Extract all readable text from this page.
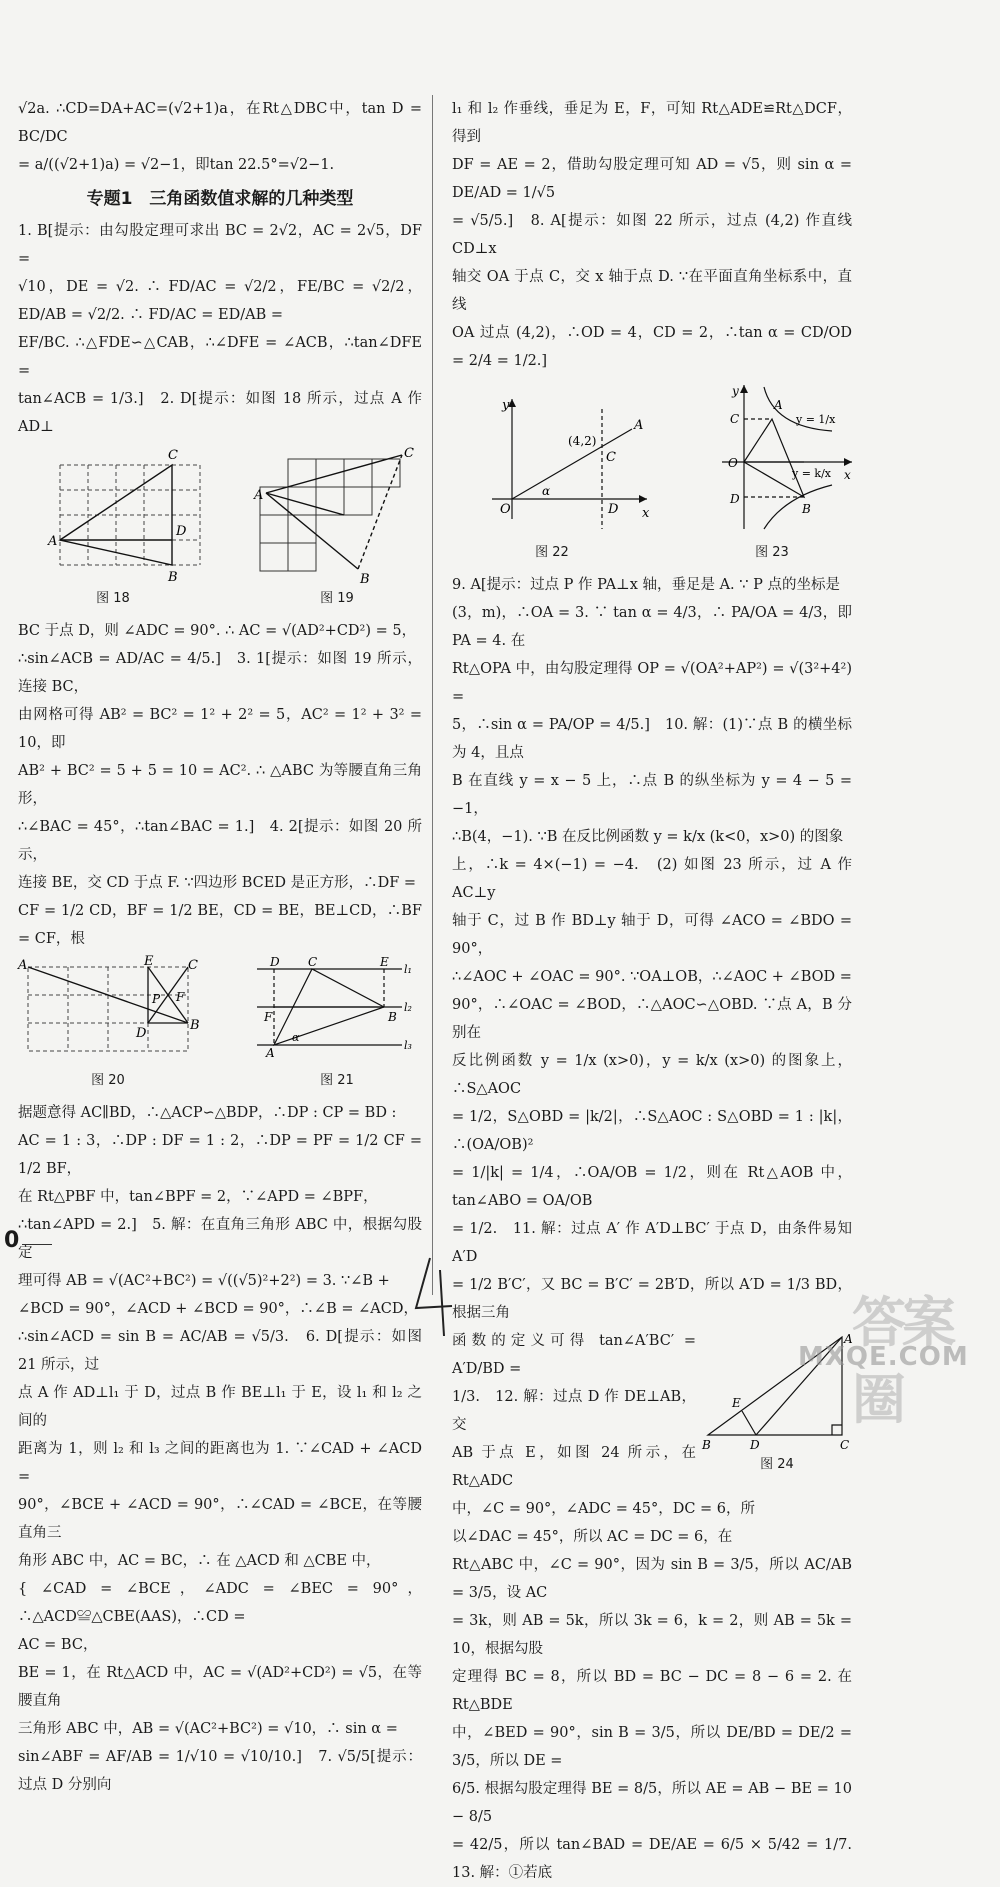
√2a. ∴CD=DA+AC=(√2+1)a，在Rt△DBC中，tan D = BC/DC

= a/((√2+1)a) = √2−1，即tan 22.5°=√2−1.

专题1　三角函数值求解的几种类型

1. B[提示：由勾股定理可求出 BC = 2√2，AC = 2√5，DF =

√10，DE = √2. ∴ FD/AC = √2/2，FE/BC = √2/2，ED/AB = √2/2. ∴ FD/AC = ED/AB =

EF/BC. ∴△FDE∽△CAB，∴∠DFE = ∠ACB，∴tan∠DFE =

tan∠ACB = 1/3.]　2. D[提示：如图 18 所示，过点 A 作 AD⊥

A
C
B
D
图 18
A
C
B
图 19

BC 于点 D，则 ∠ADC = 90°. ∴ AC = √(AD²+CD²) = 5，

∴sin∠ACB = AD/AC = 4/5.]　3. 1[提示：如图 19 所示，连接 BC，

由网格可得 AB² = BC² = 1² + 2² = 5，AC² = 1² + 3² = 10，即

AB² + BC² = 5 + 5 = 10 = AC². ∴ △ABC 为等腰直角三角形，

∴∠BAC = 45°，∴tan∠BAC = 1.]　4. 2[提示：如图 20 所示，

连接 BE，交 CD 于点 F. ∵四边形 BCED 是正方形，∴DF =

CF = 1/2 CD，BF = 1/2 BE，CD = BE，BE⊥CD，∴BF = CF，根

A	E	C
P F
D
B
图 20
D C	E
l₁
F	B
l₂
A
α
l₃
图 21

据题意得 AC∥BD，∴△ACP∽△BDP，∴DP : CP = BD :

AC = 1 : 3，∴DP : DF = 1 : 2，∴DP = PF = 1/2 CF = 1/2 BF，

在 Rt△PBF 中，tan∠BPF = 2，∵∠APD = ∠BPF，

∴tan∠APD = 2.]　5. 解：在直角三角形 ABC 中，根据勾股定

理可得 AB = √(AC²+BC²) = √((√5)²+2²) = 3. ∵∠B +

∠BCD = 90°，∠ACD + ∠BCD = 90°，∴∠B = ∠ACD，

∴sin∠ACD = sin B = AC/AB = √5/3.　6. D[提示：如图 21 所示，过

点 A 作 AD⊥l₁ 于 D，过点 B 作 BE⊥l₁ 于 E，设 l₁ 和 l₂ 之间的

距离为 1，则 l₂ 和 l₃ 之间的距离也为 1. ∵∠CAD + ∠ACD =

90°，∠BCE + ∠ACD = 90°，∴∠CAD = ∠BCE，在等腰直角三

角形 ABC 中，AC = BC，∴ 在 △ACD 和 △CBE 中，

{ ∠CAD = ∠BCE，∠ADC = ∠BEC = 90°，∴△ACD≌△CBE(AAS)，∴CD =

AC = BC，

BE = 1，在 Rt△ACD 中，AC = √(AD²+CD²) = √5，在等腰直角

三角形 ABC 中，AB = √(AC²+BC²) = √10，∴ sin α =

sin∠ABF = AF/AB = 1/√10 = √10/10.]　7. √5/5[提示：过点 D 分别向

l₁ 和 l₂ 作垂线，垂足为 E，F，可知 Rt△ADE≌Rt△DCF，得到

DF = AE = 2，借助勾股定理可知 AD = √5，则 sin α = DE/AD = 1/√5

= √5/5.]　8. A[提示：如图 22 所示，过点 (4,2) 作直线 CD⊥x

轴交 OA 于点 C，交 x 轴于点 D. ∵在平面直角坐标系中，直线

OA 过点 (4,2)，∴OD = 4，CD = 2，∴tan α = CD/OD = 2/4 = 1/2.]

y
x
O
A
C
D
(4,2)
α
图 22
y
x
O
C
D
A
B
y = 1/x
y = k/x
图 23

9. A[提示：过点 P 作 PA⊥x 轴，垂足是 A. ∵ P 点的坐标是

(3，m)，∴OA = 3. ∵ tan α = 4/3，∴ PA/OA = 4/3，即 PA = 4. 在

Rt△OPA 中，由勾股定理得 OP = √(OA²+AP²) = √(3²+4²) =

5，∴sin α = PA/OP = 4/5.]　10. 解：(1)∵点 B 的横坐标为 4，且点

B 在直线 y = x − 5 上，∴点 B 的纵坐标为 y = 4 − 5 = −1，

∴B(4，−1). ∵B 在反比例函数 y = k/x (k<0，x>0) 的图象

上，∴k = 4×(−1) = −4.　(2) 如图 23 所示，过 A 作 AC⊥y

轴于 C，过 B 作 BD⊥y 轴于 D，可得 ∠ACO = ∠BDO = 90°，

∴∠AOC + ∠OAC = 90°. ∵OA⊥OB，∴∠AOC + ∠BOD =

90°，∴∠OAC = ∠BOD，∴△AOC∽△OBD. ∵点 A，B 分别在

反比例函数 y = 1/x (x>0)，y = k/x (x>0) 的图象上，∴S△AOC

= 1/2，S△OBD = |k/2|，∴S△AOC : S△OBD = 1 : |k|，∴(OA/OB)²

= 1/|k| = 1/4，∴OA/OB = 1/2，则在 Rt△AOB 中，tan∠ABO = OA/OB

= 1/2.　11. 解：过点 A′ 作 A′D⊥BC′ 于点 D，由条件易知 A′D

= 1/2 B′C′，又 BC = B′C′ = 2B′D，所以 A′D = 1/3 BD，根据三角

A
E
B	D	C
图 24

函数的定义可得 tan∠A′BC′ = A′D/BD =

1/3.　12. 解：过点 D 作 DE⊥AB，交

AB 于点 E，如图 24 所示，在 Rt△ADC

中，∠C = 90°，∠ADC = 45°，DC = 6，所

以∠DAC = 45°，所以 AC = DC = 6，在

Rt△ABC 中，∠C = 90°，因为 sin B = 3/5，所以 AC/AB = 3/5，设 AC

= 3k，则 AB = 5k，所以 3k = 6，k = 2，则 AB = 5k = 10，根据勾股

定理得 BC = 8，所以 BD = BC − DC = 8 − 6 = 2. 在 Rt△BDE

中，∠BED = 90°，sin B = 3/5，所以 DE/BD = DE/2 = 3/5，所以 DE =

6/5. 根据勾股定理得 BE = 8/5，所以 AE = AB − BE = 10 − 8/5

= 42/5，所以 tan∠BAD = DE/AE = 6/5 × 5/42 = 1/7.　13. 解：①若底

0
答案圈
MXQE.COM
